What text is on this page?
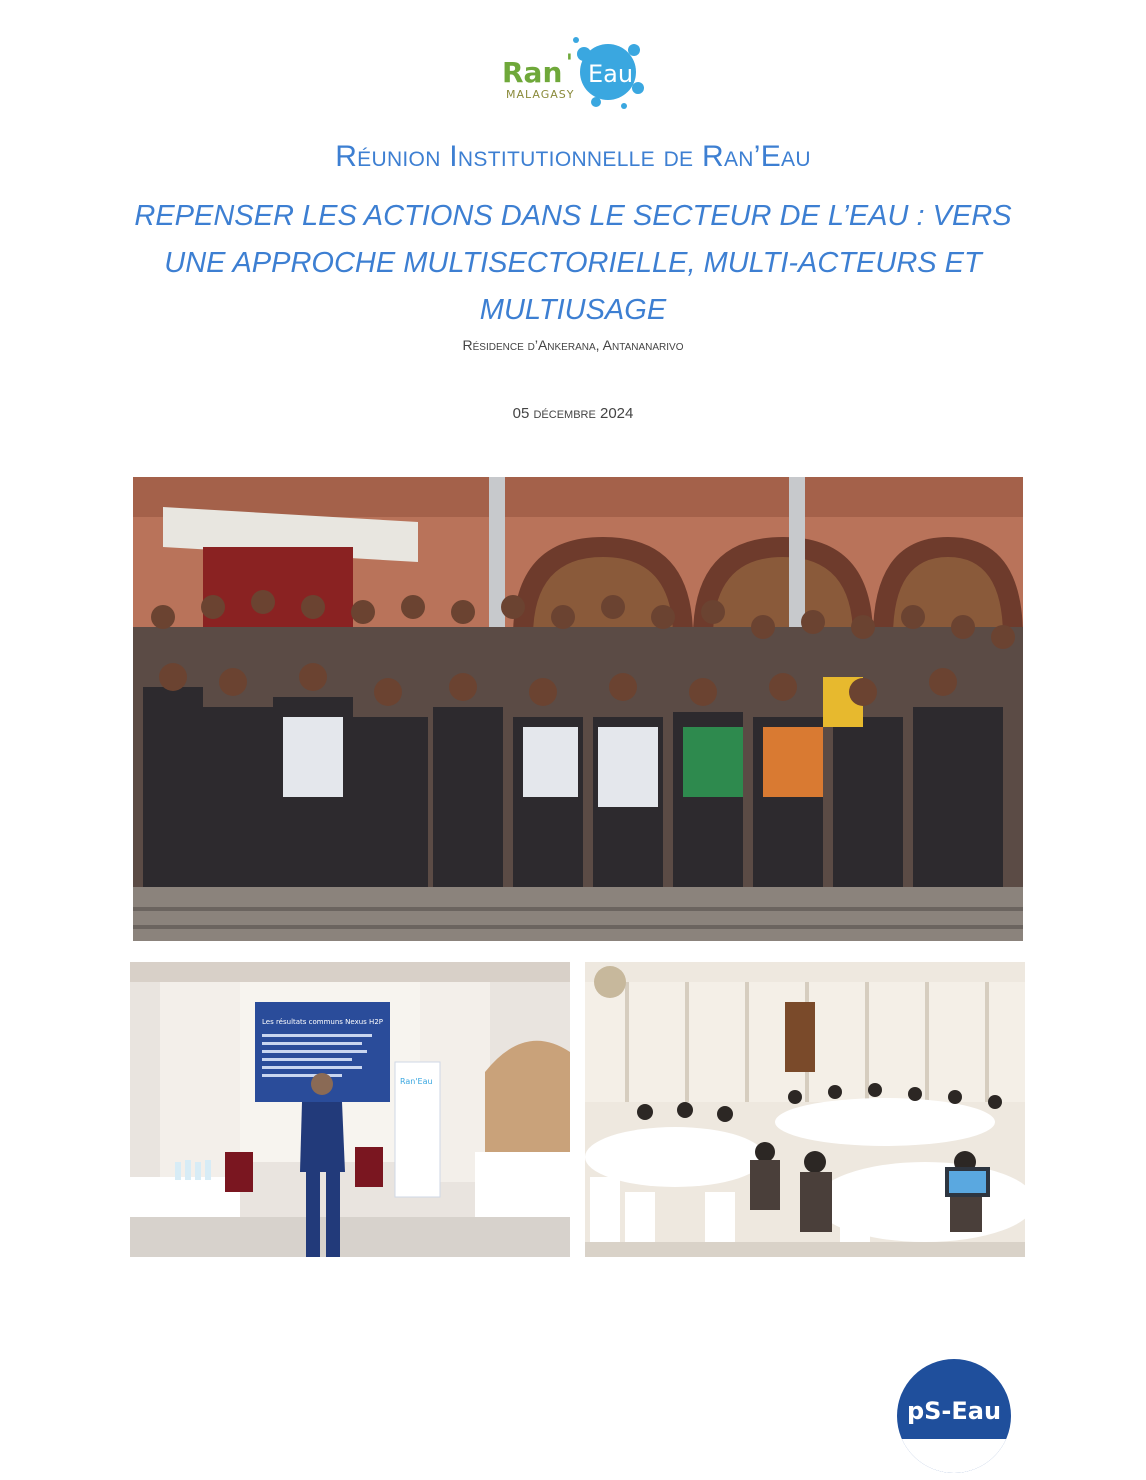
Ran ' Eau
MALAGASY
Réunion Institutionnelle de Ran’Eau
REPENSER LES ACTIONS DANS LE SECTEUR DE L’EAU : VERS UNE APPROCHE MULTISECTORIELLE, MULTI-ACTEURS ET MULTIUSAGE
Résidence d’Ankerana, Antananarivo
05 décembre 2024
Les résultats communs Nexus H2P
Ran'Eau
pS-Eau
